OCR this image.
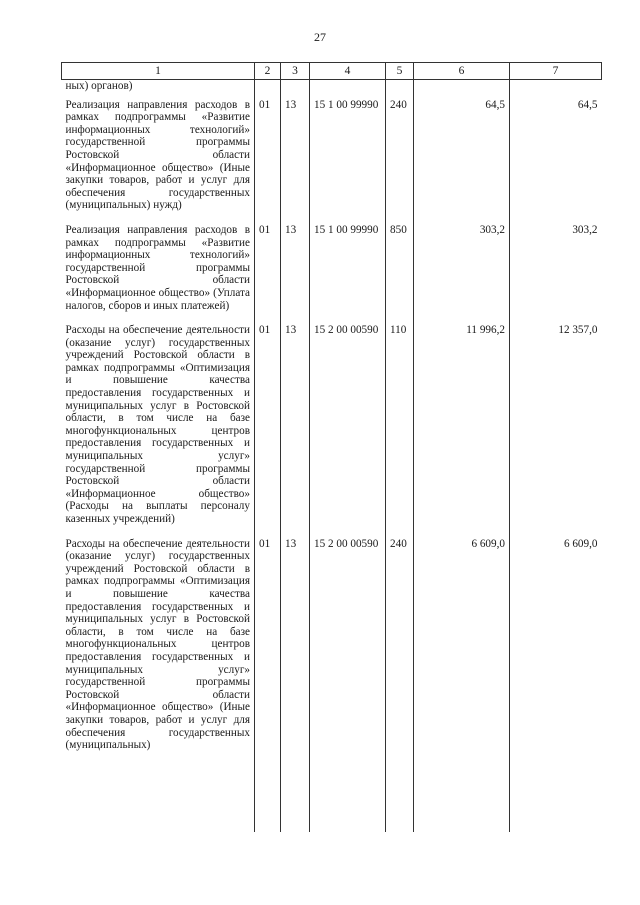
27
1	2	3	4	5	6	7
ных) органов)						
Реализация направления расходов в рамках подпрограммы «Развитие информационных технологий» государственной программы Ростовской области «Информационное общество» (Иные закупки товаров, работ и услуг для обеспечения государственных (муниципальных) нужд)	01	13	15 1 00 99990	240	64,5	64,5
Реализация направления расходов в рамках подпрограммы «Развитие информационных технологий» государственной программы Ростовской области «Информационное общество» (Уплата налогов, сборов и иных платежей)	01	13	15 1 00 99990	850	303,2	303,2
Расходы на обеспечение деятельности (оказание услуг) государственных учреждений Ростовской области в рамках подпрограммы «Оптимизация и повышение качества предоставления государственных и муниципальных услуг в Ростовской области, в том числе на базе многофункциональных центров предоставления государственных и муниципальных услуг» государственной программы Ростовской области «Информационное общество» (Расходы на выплаты персоналу казенных учреждений)	01	13	15 2 00 00590	110	11 996,2	12 357,0
Расходы на обеспечение деятельности (оказание услуг) государственных учреждений Ростовской области в рамках подпрограммы «Оптимизация и повышение качества предоставления государственных и муниципальных услуг в Ростовской области, в том числе на базе многофункциональных центров предоставления государственных и муниципальных услуг» государственной программы Ростовской области «Информационное общество» (Иные закупки товаров, работ и услуг для обеспечения государственных (муниципальных)	01	13	15 2 00 00590	240	6 609,0	6 609,0
